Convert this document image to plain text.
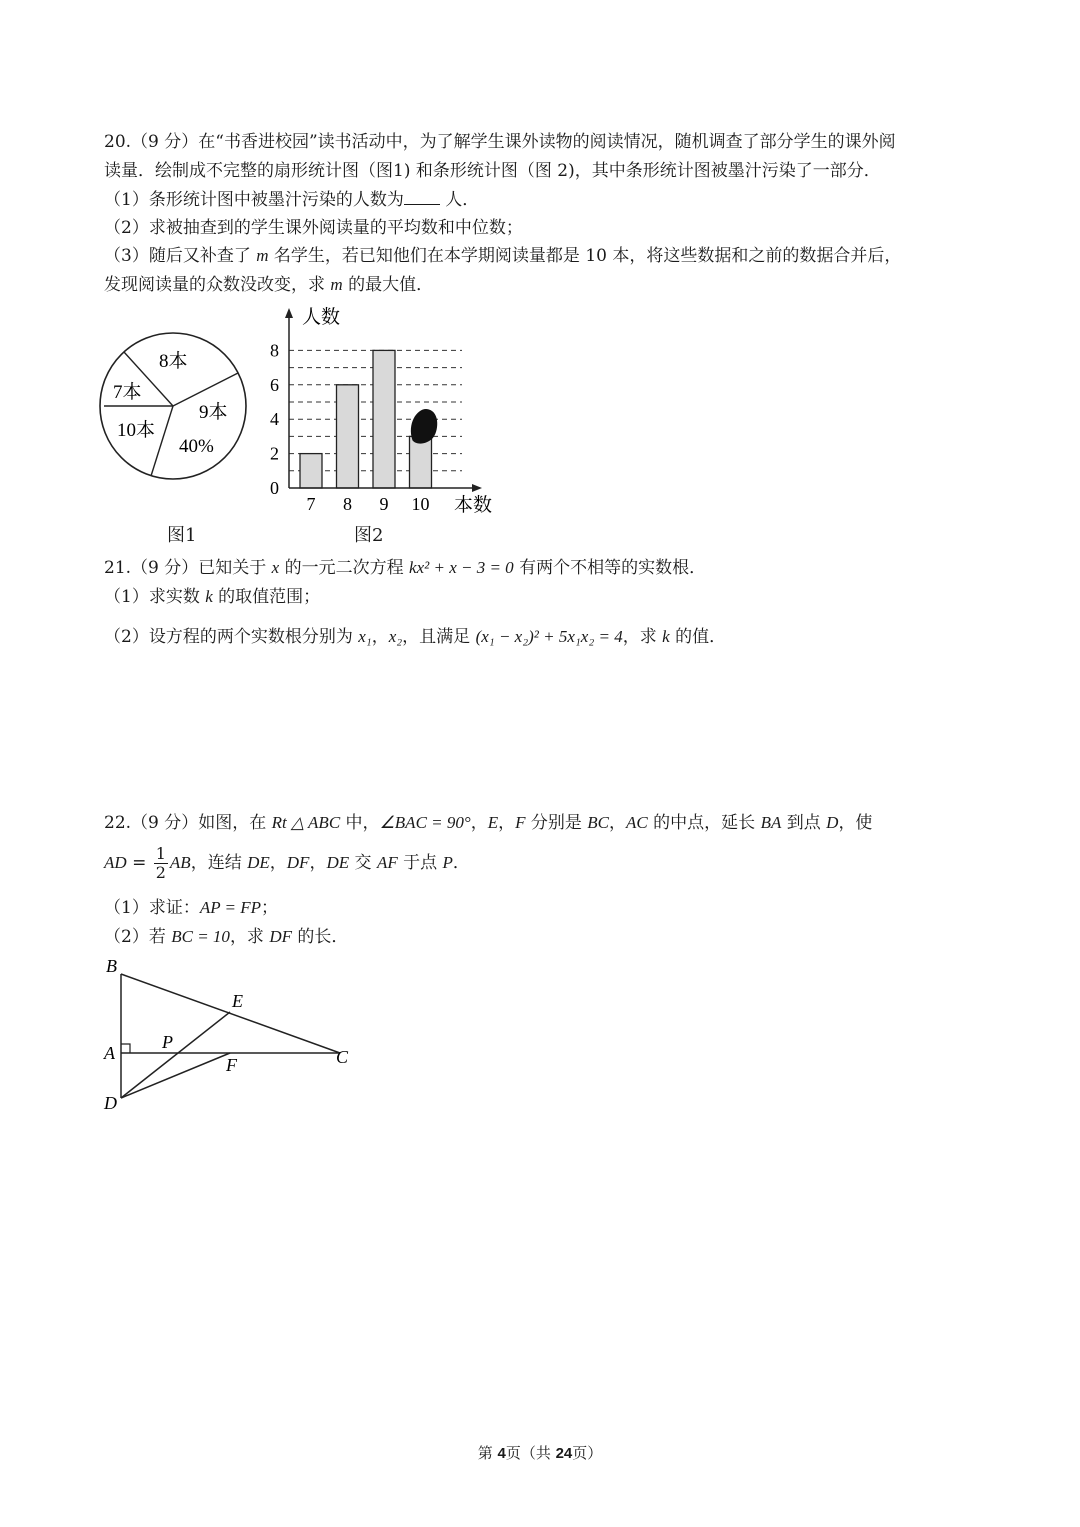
20.（9 分）在“书香进校园”读书活动中，为了解学生课外读物的阅读情况，随机调查了部分学生的课外阅
读量．绘制成不完整的扇形统计图（图1) 和条形统计图（图 2)，其中条形统计图被墨汁污染了一部分．
（1）条形统计图中被墨汁污染的人数为 人．
（2）求被抽查到的学生课外阅读量的平均数和中位数；
（3）随后又补查了 m 名学生，若已知他们在本学期阅读量都是 10 本，将这些数据和之前的数据合并后，
发现阅读量的众数没改变，求 m 的最大值．
8本
9本
7本
10本
40%
7 8 9 10
0
2
4
6
8
人数
本数
图1	图2
21.（9 分）已知关于 x 的一元二次方程 kx² + x − 3 = 0 有两个不相等的实数根．
（1）求实数 k 的取值范围；
（2）设方程的两个实数根分别为 x₁，x₂，且满足 (x₁ − x₂)² + 5x₁x₂ = 4，求 k 的值．
22.（9 分）如图，在 Rt △ ABC 中，∠BAC = 90°，E，F 分别是 BC，AC 的中点，延长 BA 到点 D，使
AD = $\frac{1}{2}$ AB，连结 DE，DF，DE 交 AF 于点 P．
（1）求证：AP = FP；
（2）若 BC = 10，求 DF 的长．
B
E
A
P
F	C
D
第 4页（共 24页）
